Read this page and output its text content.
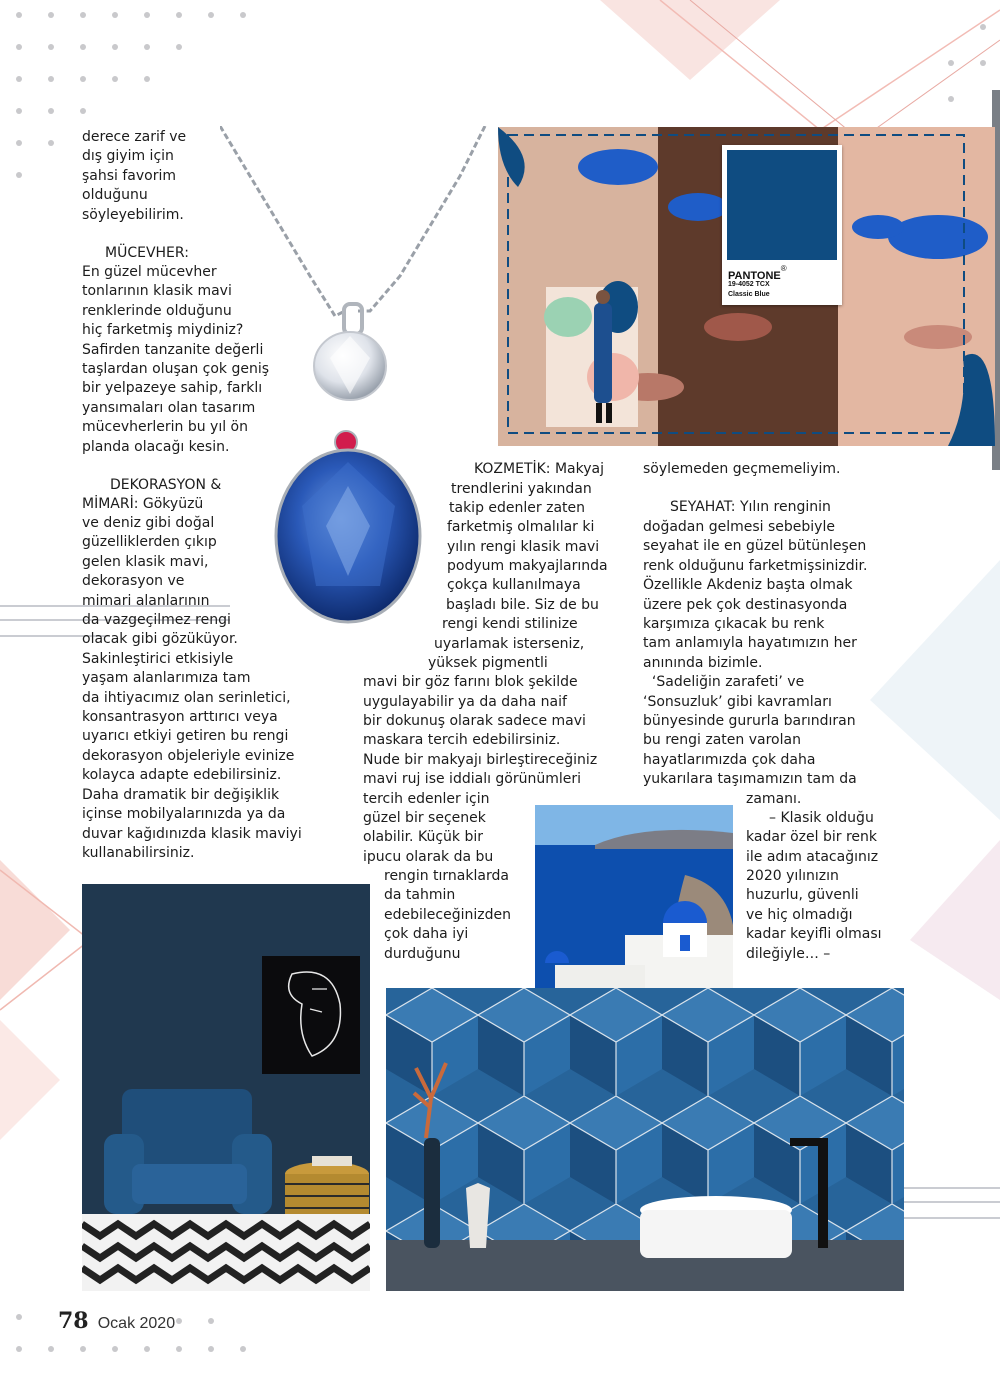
PANTONE®
19-4052 TCX
Classic Blue
derece zarif ve
dış giyim için
şahsi favorim
olduğunu
söyleyebilirim.
MÜCEVHER:
En güzel mücevher
tonlarının klasik mavi
renklerinde olduğunu
hiç farketmiş miydiniz?
Safirden tanzanite değerli
taşlardan oluşan çok geniş
bir yelpazeye sahip, farklı
yansımaları olan tasarım
mücevherlerin bu yıl ön
planda olacağı kesin.
DEKORASYON &
MİMARİ: Gökyüzü
ve deniz gibi doğal
güzelliklerden çıkıp
gelen klasik mavi,
dekorasyon ve
mimari alanlarının
da vazgeçilmez rengi
olacak gibi gözüküyor.
Sakinleştirici etkisiyle
yaşam alanlarımıza tam
da ihtiyacımız olan serinletici,
konsantrasyon arttırıcı veya
uyarıcı etkiyi getiren bu rengi
dekorasyon objeleriyle evinize
kolayca adapte edebilirsiniz.
Daha dramatik bir değişiklik
içinse mobilyalarınızda ya da
duvar kağıdınızda klasik maviyi
kullanabilirsiniz.
KOZMETİK: Makyaj
trendlerini yakından
takip edenler zaten
farketmiş olmalılar ki
yılın rengi klasik mavi
podyum makyajlarında
çokça kullanılmaya
başladı bile. Siz de bu
rengi kendi stilinize
uyarlamak isterseniz,
yüksek pigmentli
mavi bir göz farını blok şekilde
uygulayabilir ya da daha naif
bir dokunuş olarak sadece mavi
maskara tercih edebilirsiniz.
Nude bir makyajı birleştireceğiniz
mavi ruj ise iddialı görünümleri
tercih edenler için
güzel bir seçenek
olabilir. Küçük bir
ipucu olarak da bu
rengin tırnaklarda
da tahmin
edebileceğinizden
çok daha iyi
durduğunu
söylemeden geçmemeliyim.
SEYAHAT: Yılın renginin
doğadan gelmesi sebebiyle
seyahat ile en güzel bütünleşen
renk olduğunu farketmişsinizdir.
Özellikle Akdeniz başta olmak
üzere pek çok destinasyonda
karşımıza çıkacak bu renk
tam anlamıyla hayatımızın her
anınında bizimle.
‘Sadeliğin zarafeti’ ve
‘Sonsuzluk’ gibi kavramları
bünyesinde gururla barındıran
bu rengi zaten varolan
hayatlarımızda çok daha
yukarılara taşımamızın tam da
zamanı.
– Klasik olduğu
kadar özel bir renk
ile adım atacağınız
2020 yılınızın
huzurlu, güvenli
ve hiç olmadığı
kadar keyifli olması
dileğiyle… –
78 Ocak 2020
